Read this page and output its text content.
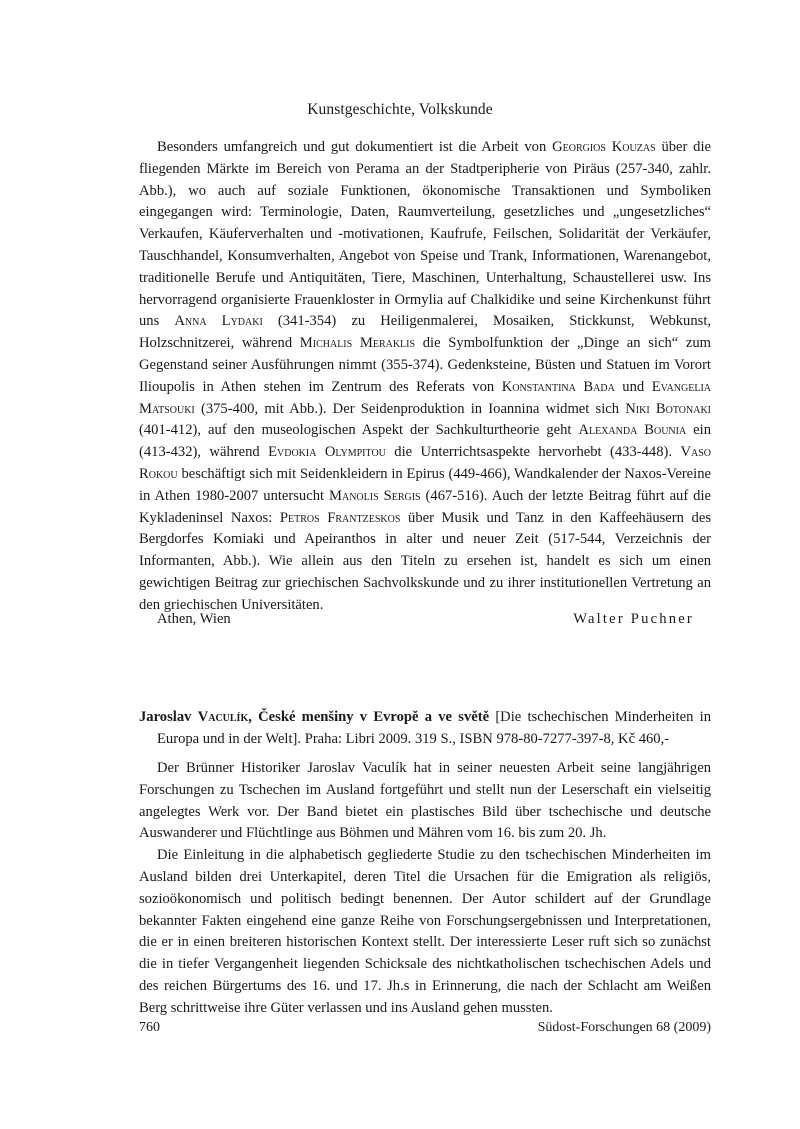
Kunstgeschichte, Volkskunde

Besonders umfangreich und gut dokumentiert ist die Arbeit von Georgios Kouzas über die fliegenden Märkte im Bereich von Perama an der Stadtperipherie von Piräus (257-340, zahlr. Abb.), wo auch auf soziale Funktionen, ökonomische Transaktionen und Symboliken eingegangen wird: Terminologie, Daten, Raumverteilung, gesetzliches und „ungesetzliches“ Verkaufen, Käuferverhalten und -motivationen, Kaufrufe, Feilschen, Solidarität der Verkäufer, Tauschhandel, Konsumverhalten, Angebot von Speise und Trank, Informationen, Warenangebot, traditionelle Berufe und Antiquitäten, Tiere, Maschinen, Unterhaltung, Schaustellerei usw. Ins hervorragend organisierte Frauenkloster in Ormylia auf Chalkidike und seine Kirchenkunst führt uns Anna Lydaki (341-354) zu Heiligenmalerei, Mosaiken, Stickkunst, Webkunst, Holzschnitzerei, während Michalis Meraklis die Symbolfunktion der „Dinge an sich“ zum Gegenstand seiner Ausführungen nimmt (355-374). Gedenksteine, Büsten und Statuen im Vorort Ilioupolis in Athen stehen im Zentrum des Referats von Konstantina Bada und Evangelia Matsouki (375-400, mit Abb.). Der Seidenproduktion in Ioannina widmet sich Niki Botonaki (401-412), auf den museologischen Aspekt der Sachkulturtheorie geht Alexanda Bounia ein (413-432), während Evdokia Olympitou die Unterrichtsaspekte hervorhebt (433-448). Vaso Rokou beschäftigt sich mit Seidenkleidern in Epirus (449-466), Wandkalender der Naxos-Vereine in Athen 1980-2007 untersucht Manolis Sergis (467-516). Auch der letzte Beitrag führt auf die Kykladeninsel Naxos: Petros Frantzeskos über Musik und Tanz in den Kaffeehäusern des Bergdorfes Komiaki und Apeiranthos in alter und neuer Zeit (517-544, Verzeichnis der Informanten, Abb.). Wie allein aus den Titeln zu ersehen ist, handelt es sich um einen gewichtigen Beitrag zur griechischen Sachvolkskunde und zu ihrer institutionellen Vertretung an den griechischen Universitäten.

Athen, Wien	Walter Puchner

Jaroslav Vaculík, České menšiny v Evropě a ve světě [Die tschechischen Minderheiten in Europa und in der Welt]. Praha: Libri 2009. 319 S., ISBN 978-80-7277-397-8, Kč 460,-

Der Brünner Historiker Jaroslav Vaculík hat in seiner neuesten Arbeit seine langjährigen Forschungen zu Tschechen im Ausland fortgeführt und stellt nun der Leserschaft ein vielseitig angelegtes Werk vor. Der Band bietet ein plastisches Bild über tschechische und deutsche Auswanderer und Flüchtlinge aus Böhmen und Mähren vom 16. bis zum 20. Jh.

Die Einleitung in die alphabetisch gegliederte Studie zu den tschechischen Minderheiten im Ausland bilden drei Unterkapitel, deren Titel die Ursachen für die Emigration als religiös, sozioökonomisch und politisch bedingt benennen. Der Autor schildert auf der Grundlage bekannter Fakten eingehend eine ganze Reihe von Forschungsergebnissen und Interpretationen, die er in einen breiteren historischen Kontext stellt. Der interessierte Leser ruft sich so zunächst die in tiefer Vergangenheit liegenden Schicksale des nichtkatholischen tschechischen Adels und des reichen Bürgertums des 16. und 17. Jh.s in Erinnerung, die nach der Schlacht am Weißen Berg schrittweise ihre Güter verlassen und ins Ausland gehen mussten.

760	Südost-Forschungen 68 (2009)
